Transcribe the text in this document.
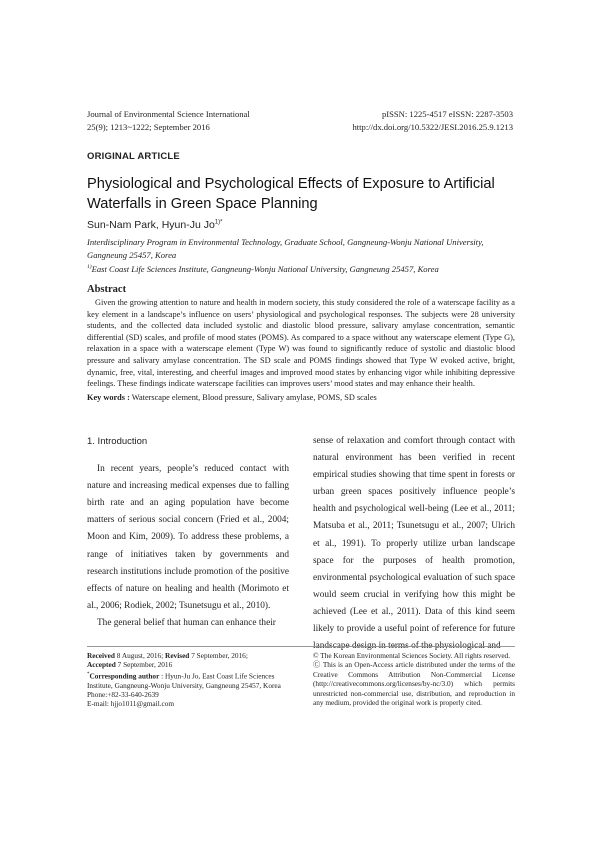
Journal of Environmental Science International
25(9); 1213~1222; September 2016
pISSN: 1225-4517 eISSN: 2287-3503
http://dx.doi.org/10.5322/JESI.2016.25.9.1213
ORIGINAL ARTICLE
Physiological and Psychological Effects of Exposure to Artificial
Waterfalls in Green Space Planning
Sun-Nam Park, Hyun-Ju $Jo^{1)*}$
Interdisciplinary Program in Environmental Technology, Graduate School, Gangneung-Wonju National University, Gangneung 25457, Korea
$^{1)}$East Coast Life Sciences Institute, Gangneung-Wonju National University, Gangneung 25457, Korea
Abstract

Given the growing attention to nature and health in modern society, this study considered the role of a waterscape facility as a key element in a landscape’s influence on users’ physiological and psychological responses. The subjects were 28 university students, and the collected data included systolic and diastolic blood pressure, salivary amylase concentration, semantic differential (SD) scales, and profile of mood states (POMS). As compared to a space without any waterscape element (Type G), relaxation in a space with a waterscape element (Type W) was found to significantly reduce of systolic and diastolic blood pressure and salivary amylase concentration. The SD scale and POMS findings showed that Type W evoked active, bright, dynamic, free, vital, interesting, and cheerful images and improved mood states by enhancing vigor while inhibiting depressive feelings. These findings indicate waterscape facilities can improves users’ mood states and may enhance their health.

Key words : Waterscape element, Blood pressure, Salivary amylase, POMS, SD scales

1. Introduction

In recent years, people’s reduced contact with nature and increasing medical expenses due to falling birth rate and an aging population have become matters of serious social concern (Fried et al., 2004; Moon and Kim, 2009). To address these problems, a range of initiatives taken by governments and research institutions include promotion of the positive effects of nature on healing and health (Morimoto et al., 2006; Rodiek, 2002; Tsunetsugu et al., 2010).

The general belief that human can enhance their

sense of relaxation and comfort through contact with natural environment has been verified in recent empirical studies showing that time spent in forests or urban green spaces positively influence people’s health and psychological well-being (Lee et al., 2011; Matsuba et al., 2011; Tsunetsugu et al., 2007; Ulrich et al., 1991). To properly utilize urban landscape space for the purposes of health promotion, environmental psychological evaluation of such space would seem crucial in verifying how this might be achieved (Lee et al., 2011). Data of this kind seem likely to provide a useful point of reference for future landscape design in terms of the physiological and

Received 8 August, 2016; Revised 7 September, 2016;
Accepted 7 September, 2016
*Corresponding author : Hyun-Ju Jo, East Coast Life Sciences Institute, Gangneung-Wonju University, Gangneung 25457, Korea
Phone:+82-33-640-2639
E-mail: hjjo1011@gmail.com
© The Korean Environmental Sciences Society. All rights reserved.
Ⓒ This is an Open-Access article distributed under the terms of the Creative Commons Attribution Non-Commercial License (http://creativecommons.org/licenses/by-nc/3.0) which permits unrestricted non-commercial use, distribution, and reproduction in any medium, provided the original work is properly cited.
